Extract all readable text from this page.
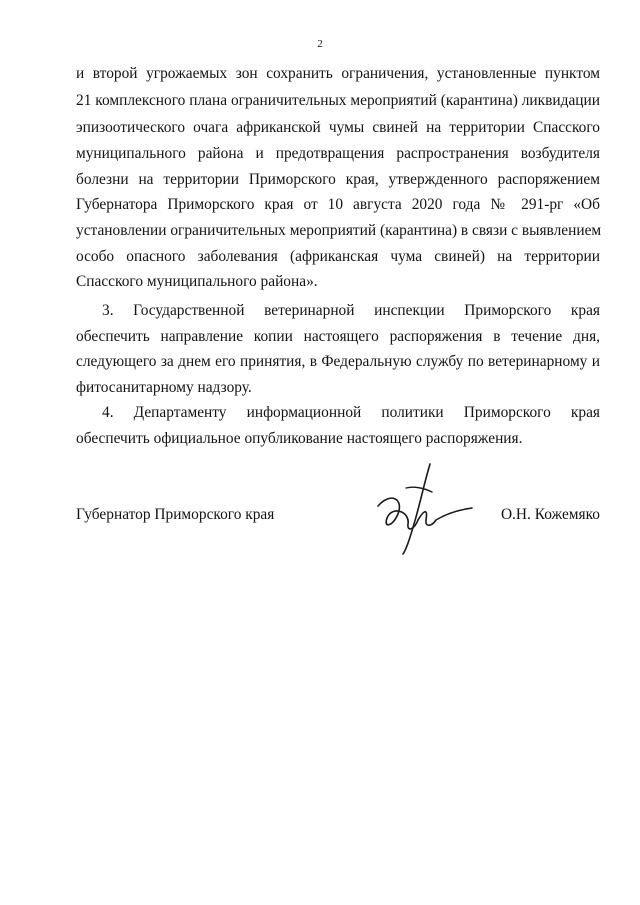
2
и второй угрожаемых зон сохранить ограничения, установленные пунктом
21 комплексного плана ограничительных мероприятий (карантина) ликвидации
эпизоотического очага африканской чумы свиней на территории Спасского
муниципального района и предотвращения распространения возбудителя
болезни на территории Приморского края, утвержденного распоряжением
Губернатора Приморского края от 10 августа 2020 года № 291-рг «Об
установлении ограничительных мероприятий (карантина) в связи с выявлением
особо опасного заболевания (африканская чума свиней) на территории
Спасского муниципального района».
3. Государственной ветеринарной инспекции Приморского края
обеспечить направление копии настоящего распоряжения в течение дня,
следующего за днем его принятия, в Федеральную службу по ветеринарному и
фитосанитарному надзору.
4. Департаменту информационной политики Приморского края
обеспечить официальное опубликование настоящего распоряжения.
Губернатор Приморского края	О.Н. Кожемяко
